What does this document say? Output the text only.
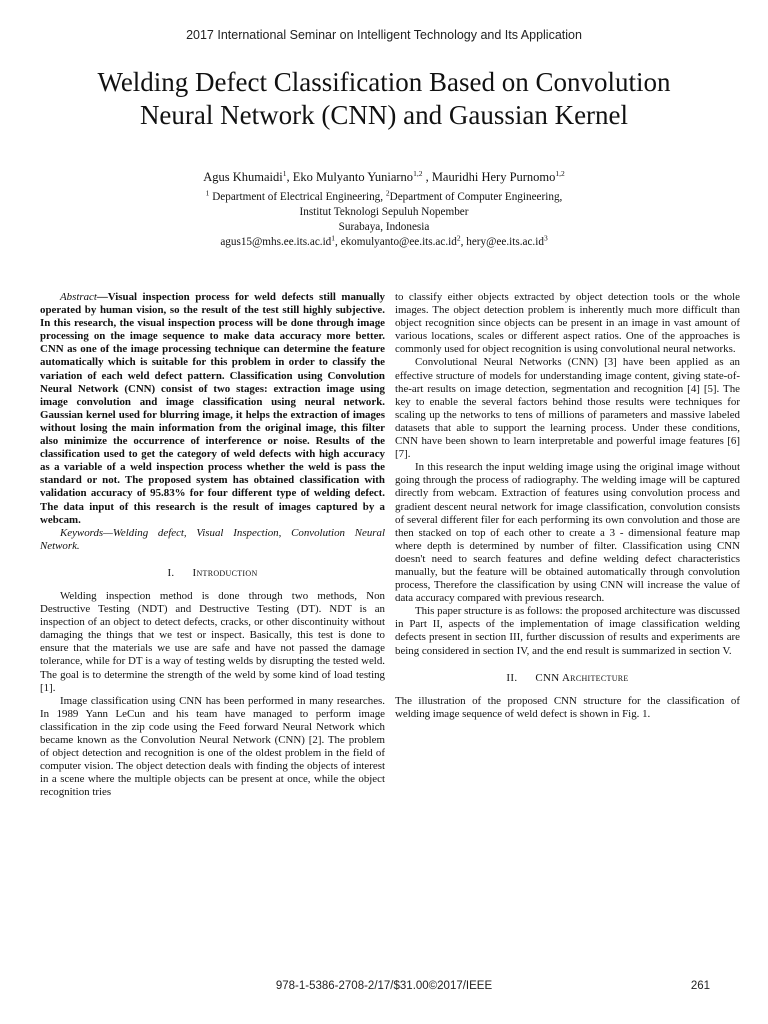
2017 International Seminar on Intelligent Technology and Its Application
Welding Defect Classification Based on Convolution
Neural Network (CNN) and Gaussian Kernel
Agus Khumaidi$^1$, Eko Mulyanto Yuniarno$^{1,2}$ , Mauridhi Hery Purnomo$^{1,2}$
$^1$ Department of Electrical Engineering, $^2$Department of Computer Engineering,
Institut Teknologi Sepuluh Nopember
Surabaya, Indonesia
$agus15@mhs.ee.its.ac.id^1$, $ekomulyanto@ee.its.ac.id^2$, $hery@ee.its.ac.id^3$

Abstract—Visual inspection process for weld defects still manually operated by human vision, so the result of the test still highly subjective. In this research, the visual inspection process will be done through image processing on the image sequence to make data accuracy more better. CNN as one of the image processing technique can determine the feature automatically which is suitable for this problem in order to classify the variation of each weld defect pattern. Classification using Convolution Neural Network (CNN) consist of two stages: extraction image using image convolution and image classification using neural network. Gaussian kernel used for blurring image, it helps the extraction of images without losing the main information from the original image, this filter also minimize the occurrence of interference or noise. Results of the classification used to get the category of weld defects with high accuracy as a variable of a weld inspection process whether the weld is pass the standard or not. The proposed system has obtained classification with validation accuracy of 95.83% for four different type of welding defect. The data input of this research is the result of images captured by a webcam.

Keywords—Welding defect, Visual Inspection, Convolution Neural Network.

I. Introduction

Welding inspection method is done through two methods, Non Destructive Testing (NDT) and Destructive Testing (DT). NDT is an inspection of an object to detect defects, cracks, or other discontinuity without damaging the things that we test or inspect. Basically, this test is done to ensure that the materials we use are safe and have not passed the damage tolerance, while for DT is a way of testing welds by disrupting the tested weld. The goal is to determine the strength of the weld by some kind of load testing [1].

Image classification using CNN has been performed in many researches. In 1989 Yann LeCun and his team have managed to perform image classification in the zip code using the Feed forward Neural Network which became known as the Convolution Neural Network (CNN) [2]. The problem of object detection and recognition is one of the oldest problem in the field of computer vision. The object detection deals with finding the objects of interest in a scene where the multiple objects can be present at once, while the object recognition tries

to classify either objects extracted by object detection tools or the whole images. The object detection problem is inherently much more difficult than object recognition since objects can be present in an image in vast amount of various locations, scales or different aspect ratios. One of the approaches is commonly used for object recognition is using convolutional neural networks.

Convolutional Neural Networks (CNN) [3] have been applied as an effective structure of models for understanding image content, giving state-of-the-art results on image detection, segmentation and recognition [4] [5]. The key to enable the several factors behind those results were techniques for scaling up the networks to tens of millions of parameters and massive labeled datasets that able to support the learning process. Under these conditions, CNN have been shown to learn interpretable and powerful image features [6] [7].

In this research the input welding image using the original image without going through the process of radiography. The welding image will be captured directly from webcam. Extraction of features using convolution process and gradient descent neural network for image classification, convolution consists of several different filer for each performing its own convolution and those are then stacked on top of each other to create a 3 - dimensional feature map where depth is determined by number of filter. Classification using CNN doesn't need to search features and define welding defect characteristics manually, but the feature will be obtained automatically through convolution process, Therefore the classification by using CNN will increase the value of data accuracy compared with previous research.

This paper structure is as follows: the proposed architecture was discussed in Part II, aspects of the implementation of image classification welding defects present in section III, further discussion of results and experiments are being considered in section IV, and the end result is summarized in section V.

II. CNN Architecture

The illustration of the proposed CNN structure for the classification of welding image sequence of weld defect is shown in Fig. 1.

978-1-5386-2708-2/17/$31.00©2017/IEEE	261
